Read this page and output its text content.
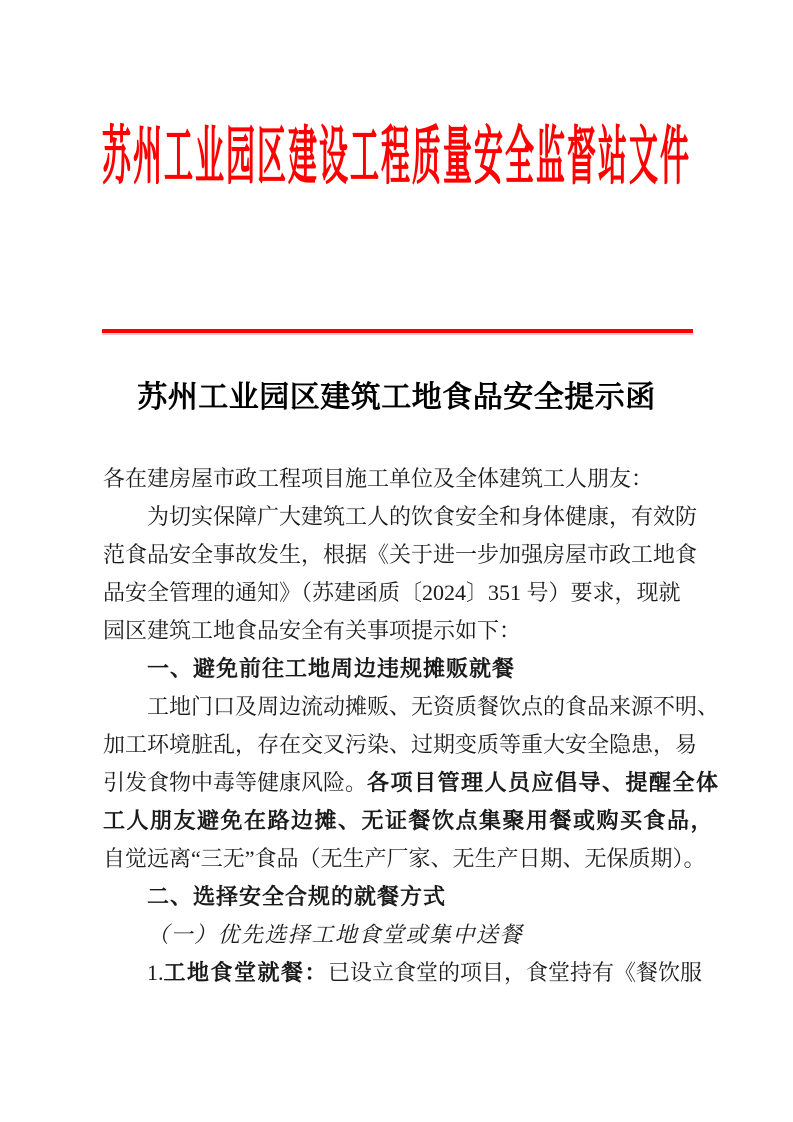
苏州工业园区建设工程质量安全监督站文件
苏州工业园区建筑工地食品安全提示函
各在建房屋市政工程项目施工单位及全体建筑工人朋友：
为切实保障广大建筑工人的饮食安全和身体健康，有效防
范食品安全事故发生，根据《关于进一步加强房屋市政工地食
品安全管理的通知》（苏建函质〔2024〕351 号）要求，现就
园区建筑工地食品安全有关事项提示如下：
一、避免前往工地周边违规摊贩就餐
工地门口及周边流动摊贩、无资质餐饮点的食品来源不明、
加工环境脏乱，存在交叉污染、过期变质等重大安全隐患，易
引发食物中毒等健康风险。各项目管理人员应倡导、提醒全体
工人朋友避免在路边摊、无证餐饮点集聚用餐或购买食品，
自觉远离“三无”食品（无生产厂家、无生产日期、无保质期）。
二、选择安全合规的就餐方式
（一）优先选择工地食堂或集中送餐
1.工地食堂就餐：已设立食堂的项目，食堂持有《餐饮服
